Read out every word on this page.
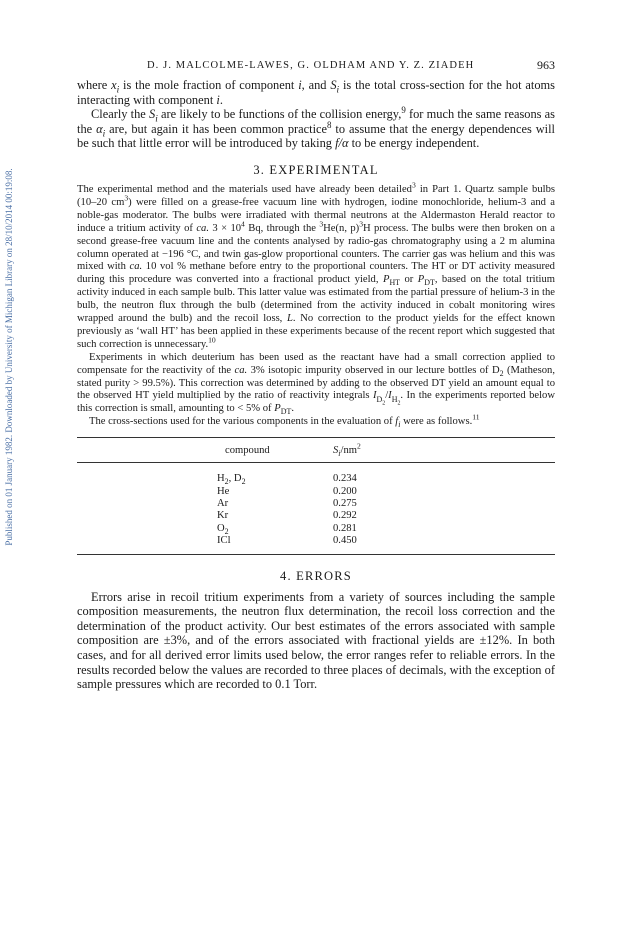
Published on 01 January 1982. Downloaded by University of Michigan Library on 28/10/2014 00:19:08.
D. J. MALCOLME-LAWES, G. OLDHAM AND Y. Z. ZIADEH	963

where $x_i$ is the mole fraction of component i, and $S_i$ is the total cross-section for the hot atoms interacting with component i.

Clearly the $S_i$ are likely to be functions of the collision energy,$^9$ for much the same reasons as the $\alpha_i$ are, but again it has been common practice$^8$ to assume that the energy dependences will be such that little error will be introduced by taking f/α to be energy independent.

3. EXPERIMENTAL

The experimental method and the materials used have already been detailed$^3$ in Part 1. Quartz sample bulbs (10–20 $cm^3$) were filled on a grease-free vacuum line with hydrogen, iodine monochloride, helium-3 and a noble-gas moderator. The bulbs were irradiated with thermal neutrons at the Aldermaston Herald reactor to induce a tritium activity of ca. $3 \times 10^4$ Bq, through the $^3$He(n, p)$^3$H process. The bulbs were then broken on a second grease-free vacuum line and the contents analysed by radio-gas chromatography using a 2 m alumina column operated at −196 °C, and twin gas-glow proportional counters. The carrier gas was helium and this was mixed with ca. 10 vol % methane before entry to the proportional counters. The HT or DT activity measured during this procedure was converted into a fractional product yield, $P_{HT}$ or $P_{DT}$, based on the total tritium activity induced in each sample bulb. This latter value was estimated from the partial pressure of helium-3 in the bulb, the neutron flux through the bulb (determined from the activity induced in cobalt monitoring wires wrapped around the bulb) and the recoil loss, L. No correction to the product yields for the effect known previously as ‘wall HT’ has been applied in these experiments because of the recent report which suggested that such correction is unnecessary.$^{10}$

Experiments in which deuterium has been used as the reactant have had a small correction applied to compensate for the reactivity of the ca. 3% isotopic impurity observed in our lecture bottles of $D_2$ (Matheson, stated purity > 99.5%). This correction was determined by adding to the observed DT yield an amount equal to the observed HT yield multiplied by the ratio of reactivity integrals $I_{D_2}/I_{H_2}$. In the experiments reported below this correction is small, amounting to < 5% of $P_{DT}$.

The cross-sections used for the various components in the evaluation of $f_i$ were as follows.$^{11}$

compound	$S_i/nm^2$
$H_2$, $D_2$	0.234
He	0.200
Ar	0.275
Kr	0.292
$O_2$	0.281
ICl	0.450
4. ERRORS

Errors arise in recoil tritium experiments from a variety of sources including the sample composition measurements, the neutron flux determination, the recoil loss correction and the determination of the product activity. Our best estimates of the errors associated with sample composition are ±3%, and of the errors associated with fractional yields are ±12%. In both cases, and for all derived error limits used below, the error ranges refer to reliable errors. In the results recorded below the values are recorded to three places of decimals, with the exception of sample pressures which are recorded to 0.1 Torr.
